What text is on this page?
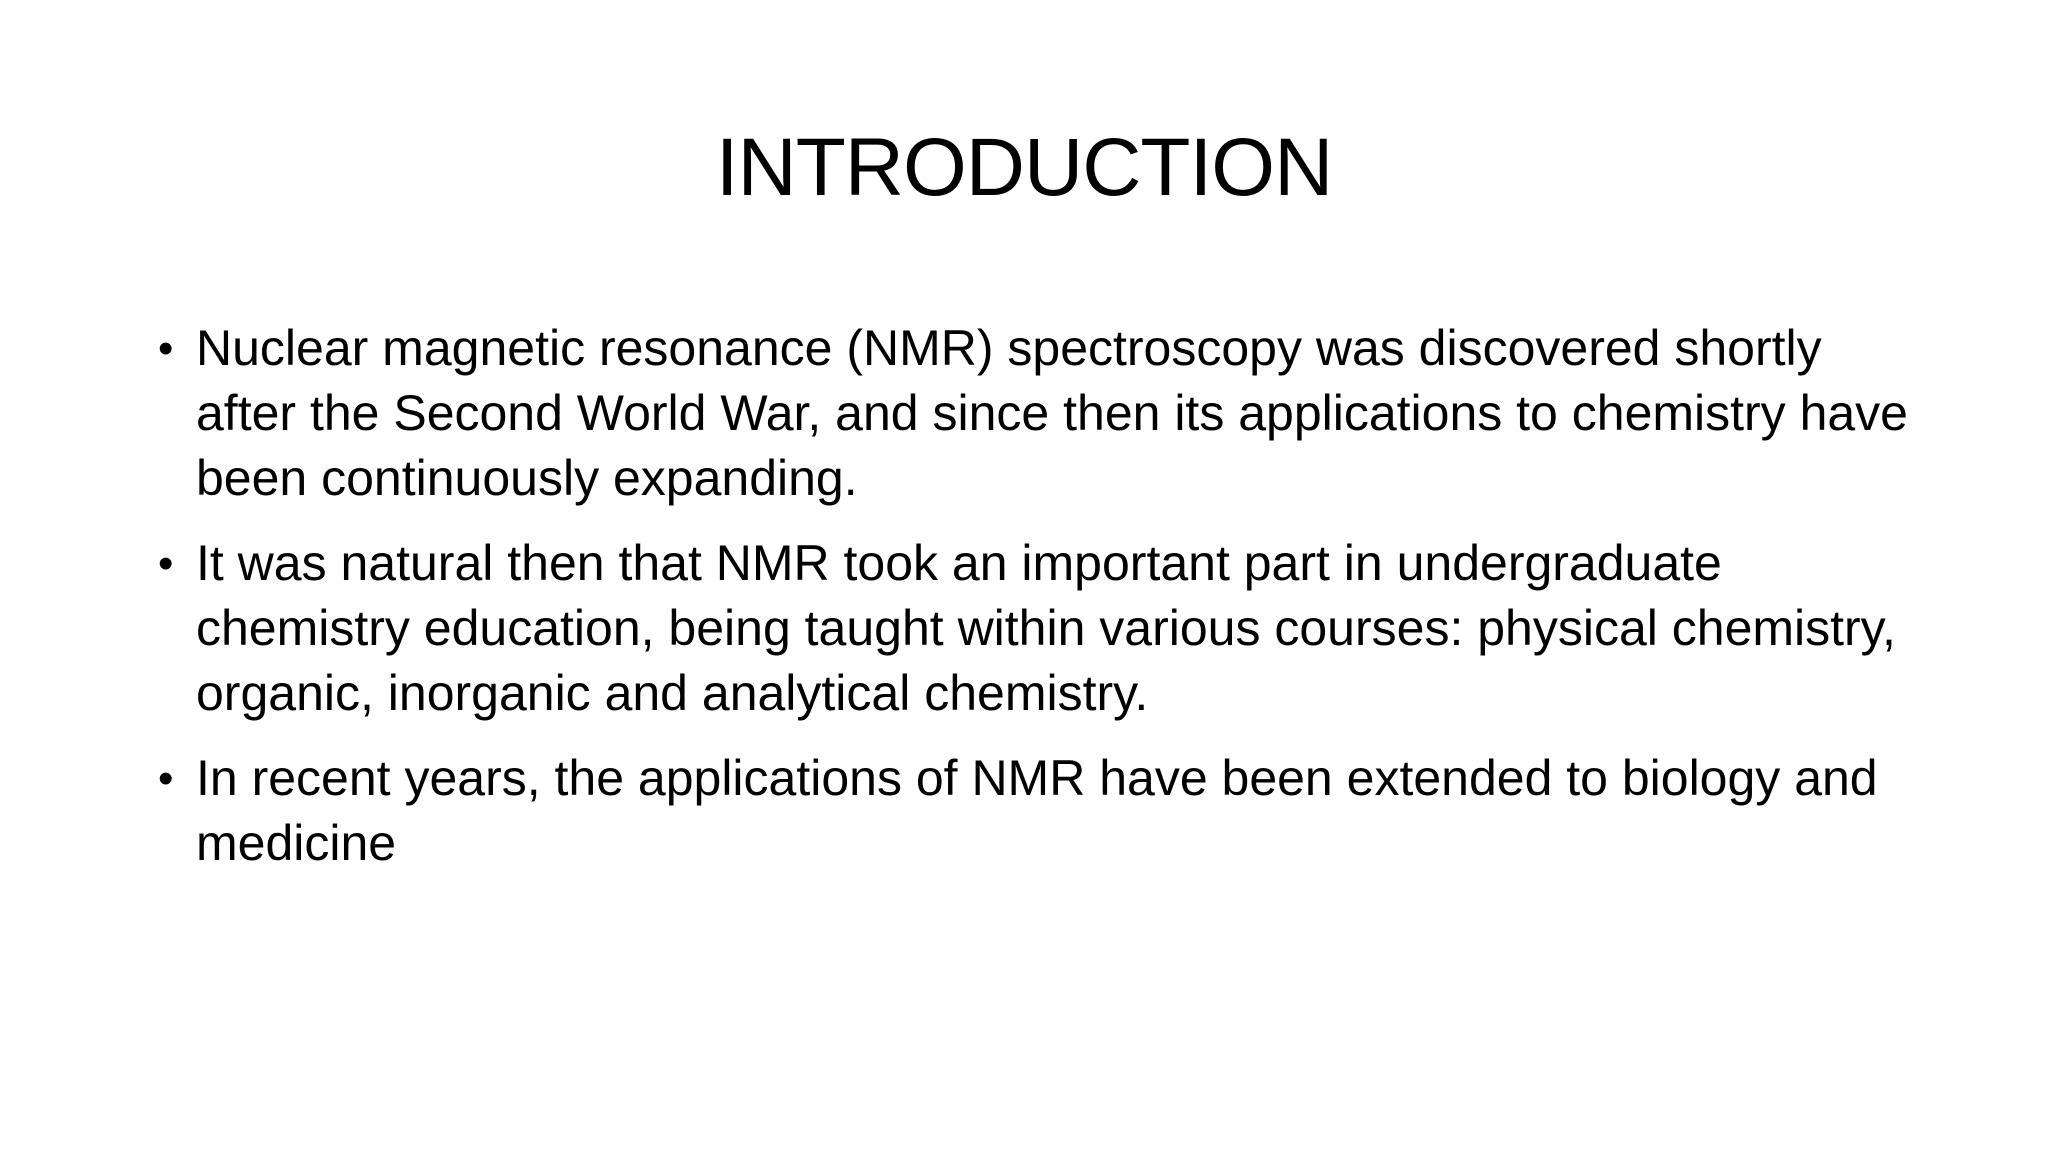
INTRODUCTION
• Nuclear magnetic resonance (NMR) spectroscopy was discovered shortly after the Second World War, and since then its applications to chemistry have been continuously expanding.
• It was natural then that NMR took an important part in undergraduate chemistry education, being taught within various courses: physical chemistry, organic, inorganic and analytical chemistry.
• In recent years, the applications of NMR have been extended to biology and medicine
